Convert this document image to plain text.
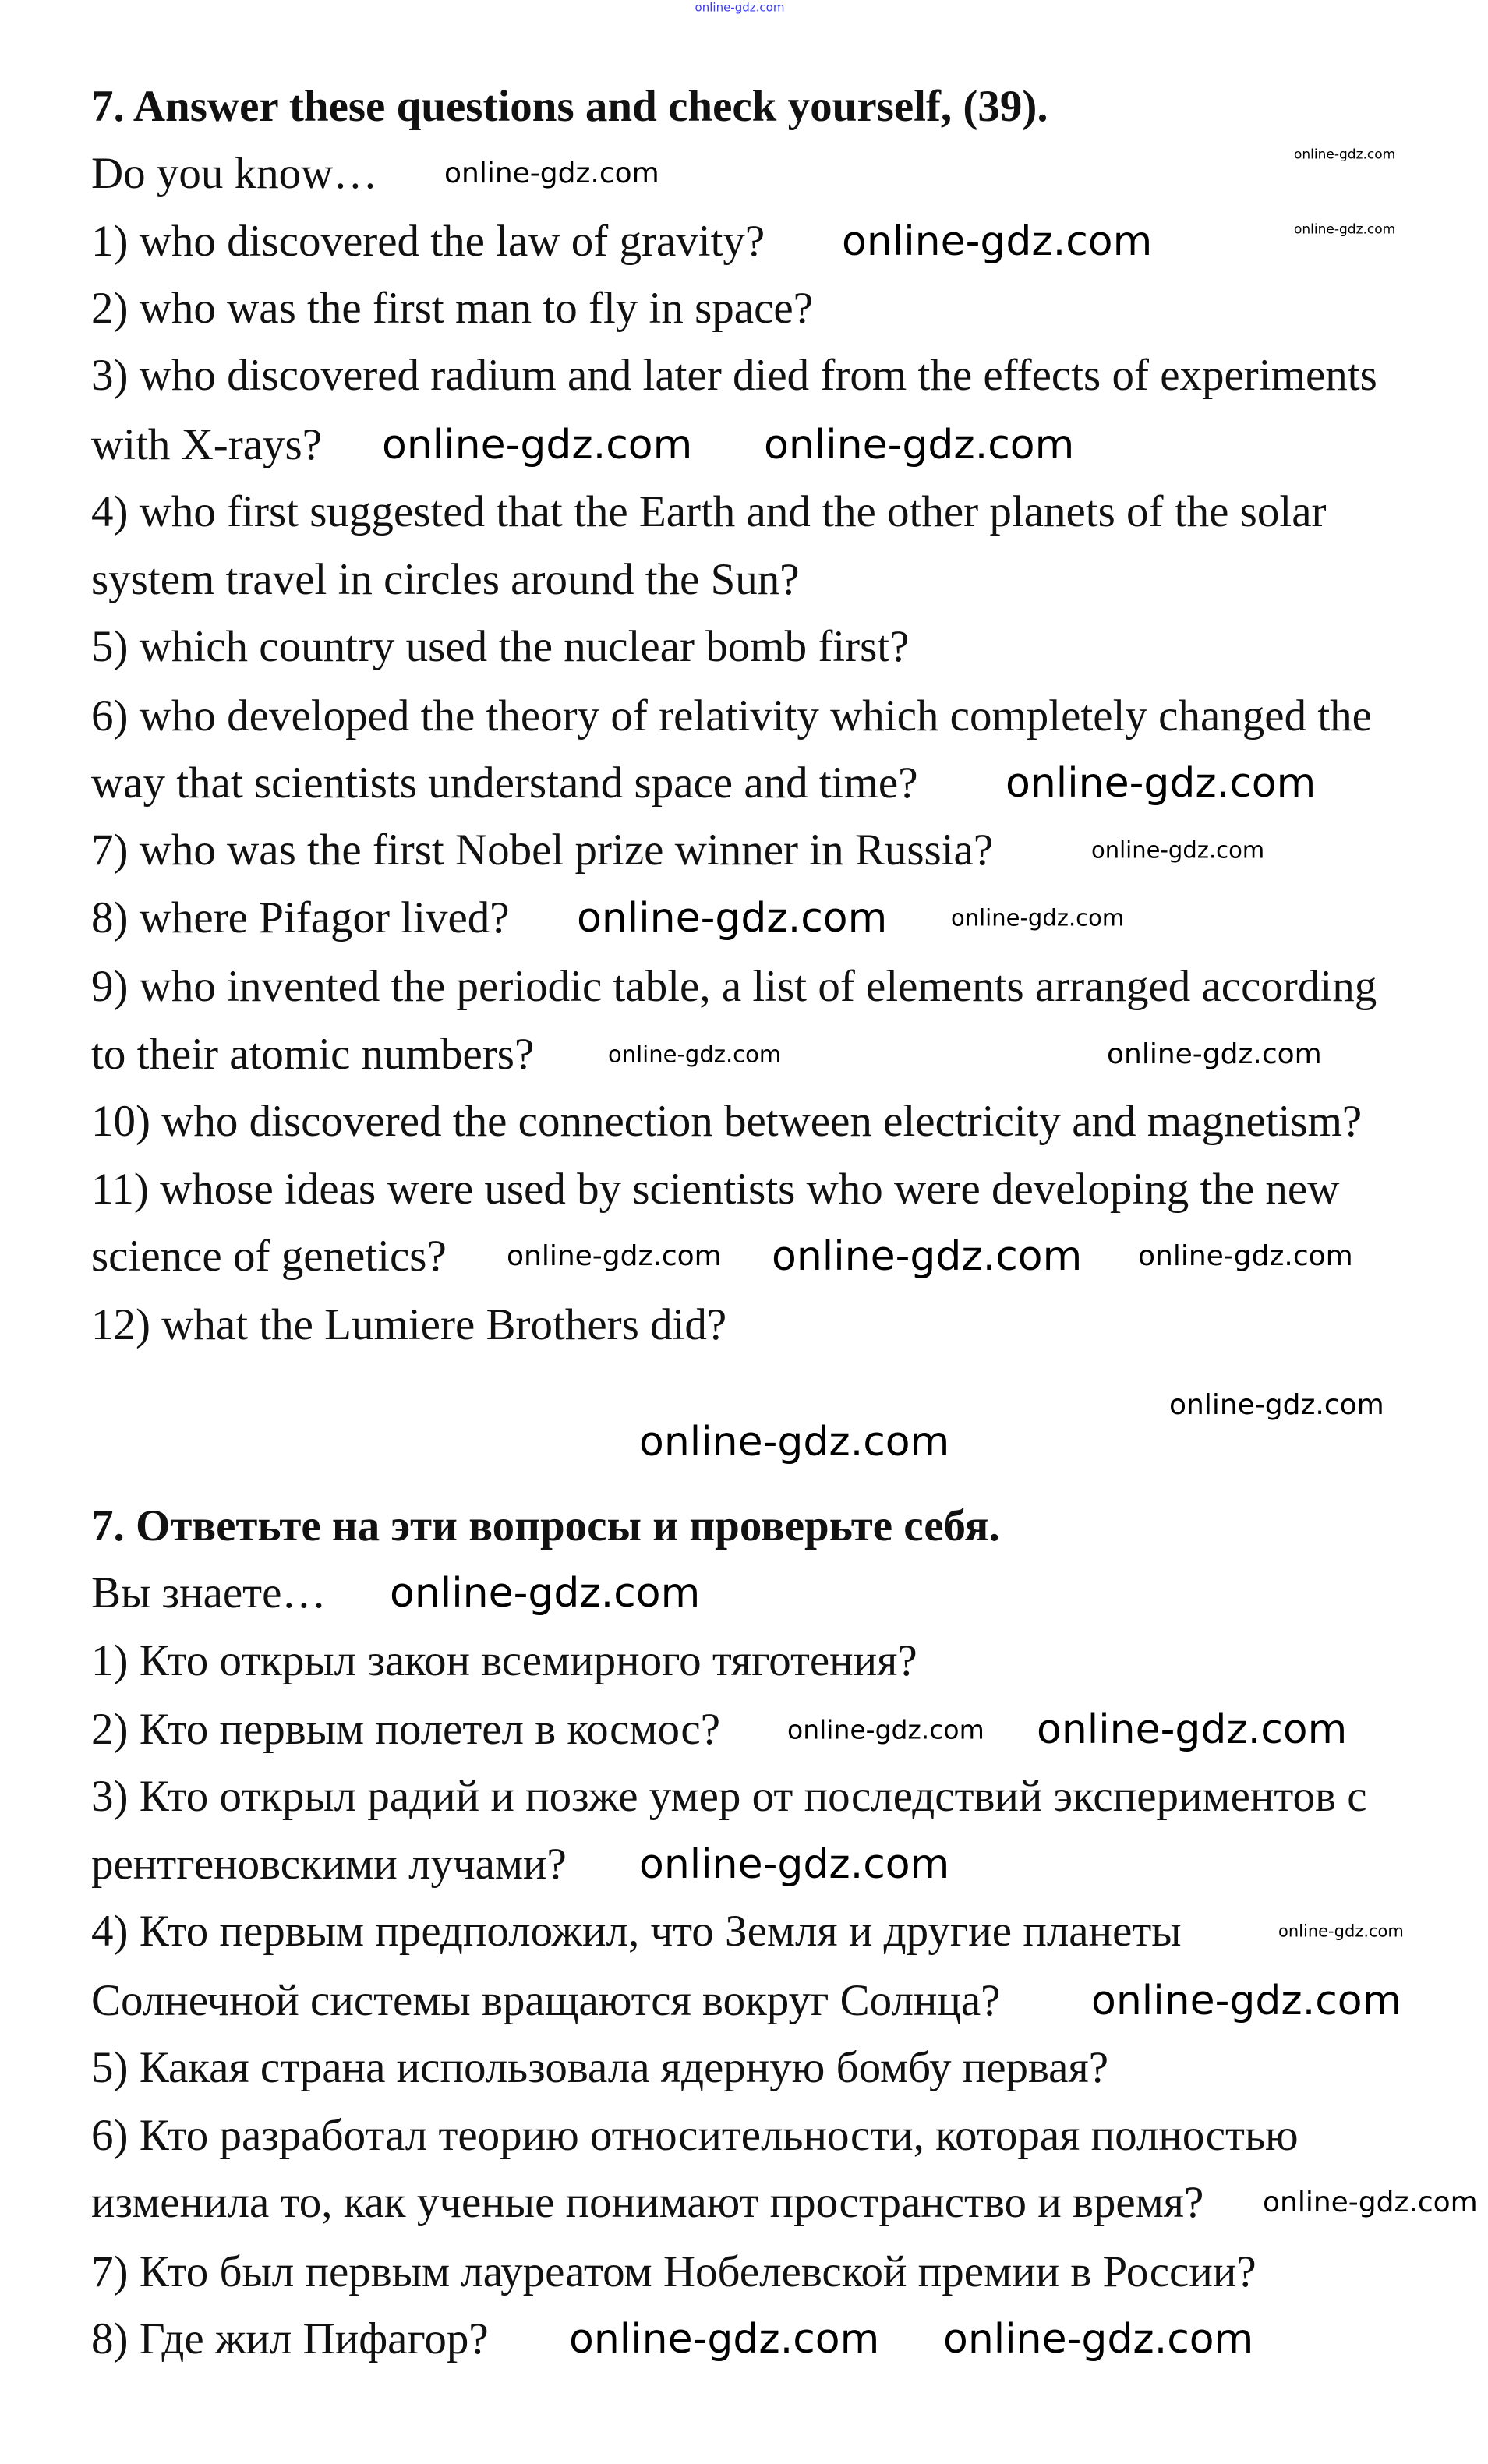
7. Answer these questions and check yourself, (39).
Do you know…
1) who discovered the law of gravity?
2) who was the first man to fly in space?
3) who discovered radium and later died from the effects of experiments
with X-rays?
4) who first suggested that the Earth and the other planets of the solar
system travel in circles around the Sun?
5) which country used the nuclear bomb first?
6) who developed the theory of relativity which completely changed the
way that scientists understand space and time?
7) who was the first Nobel prize winner in Russia?
8) where Pifagor lived?
9) who invented the periodic table, a list of elements arranged according
to their atomic numbers?
10) who discovered the connection between electricity and magnetism?
11) whose ideas were used by scientists who were developing the new
science of genetics?
12) what the Lumiere Brothers did?
7. Ответьте на эти вопросы и проверьте себя.
Вы знаете…
1) Кто открыл закон всемирного тяготения?
2) Кто первым полетел в космос?
3) Кто открыл радий и позже умер от последствий экспериментов с
рентгеновскими лучами?
4) Кто первым предположил, что Земля и другие планеты
Солнечной системы вращаются вокруг Солнца?
5) Какая страна использовала ядерную бомбу первая?
6) Кто разработал теорию относительности, которая полностью
изменила то, как ученые понимают пространство и время?
7) Кто был первым лауреатом Нобелевской премии в России?
8) Где жил Пифагор?
online-gdz.com
online-gdz.com
online-gdz.com
online-gdz.com	online-gdz.com
online-gdz.com online-gdz.com
online-gdz.com
online-gdz.com
online-gdz.com
online-gdz.com
online-gdz.com	online-gdz.com
online-gdz.com online-gdz.com online-gdz.com
online-gdz.com
online-gdz.com
online-gdz.com
online-gdz.com online-gdz.com
online-gdz.com
online-gdz.com
online-gdz.com
online-gdz.com
online-gdz.com online-gdz.com
